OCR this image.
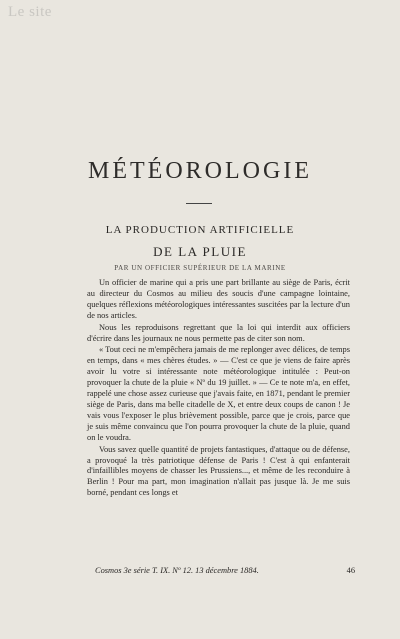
Le site
MÉTÉOROLOGIE
LA PRODUCTION ARTIFICIELLE
DE LA PLUIE
PAR UN OFFICIER SUPÉRIEUR DE LA MARINE

Un officier de marine qui a pris une part brillante au siège de Paris, écrit au directeur du Cosmos au milieu des soucis d'une campagne lointaine, quelques réflexions météorologiques intéressantes suscitées par la lecture d'un de nos articles.

Nous les reproduisons regrettant que la loi qui interdit aux officiers d'écrire dans les journaux ne nous permette pas de citer son nom.

« Tout ceci ne m'empêchera jamais de me replonger avec délices, de temps en temps, dans « mes chères études. » — C'est ce que je viens de faire après avoir lu votre si intéressante note météorologique intitulée : Peut-on provoquer la chute de la pluie « Nº du 19 juillet. » — Ce te note m'a, en effet, rappelé une chose assez curieuse que j'avais faite, en 1871, pendant le premier siège de Paris, dans ma belle citadelle de X, et entre deux coups de canon ! Je vais vous l'exposer le plus brièvement possible, parce que je crois, parce que je suis même convaincu que l'on pourra provoquer la chute de la pluie, quand on le voudra.

Vous savez quelle quantité de projets fantastiques, d'attaque ou de défense, a provoqué la très patriotique défense de Paris ! C'est à qui enfanterait d'infaillibles moyens de chasser les Prussiens..., et même de les reconduire à Berlin ! Pour ma part, mon imagination n'allait pas jusque là. Je me suis borné, pendant ces longs et

Cosmos 3e série T. IX. Nº 12. 13 décembre 1884.	46
